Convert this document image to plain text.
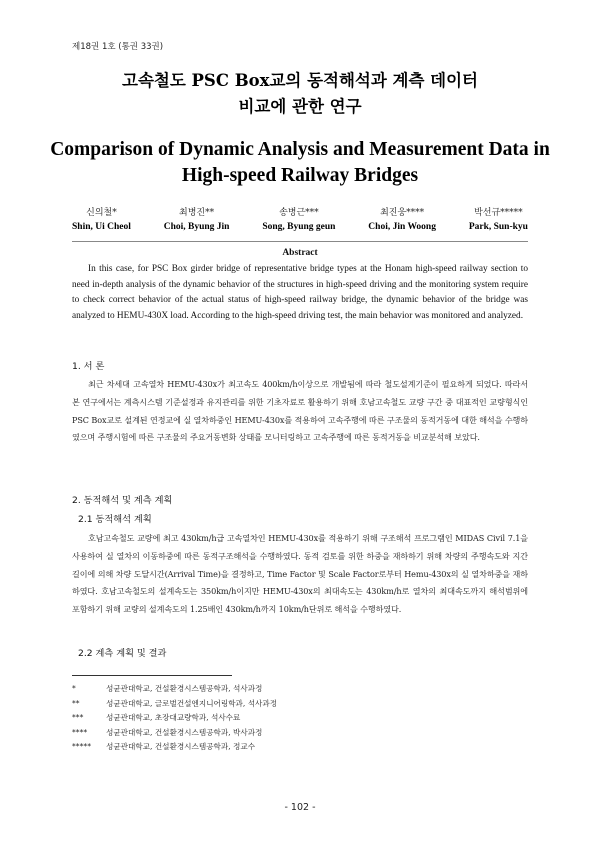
제18권 1호 (통권 33권)
고속철도 PSC Box교의 동적해석과 계측 데이터
비교에 관한 연구
Comparison of Dynamic Analysis and Measurement Data in
High-speed Railway Bridges
신의철*
Shin, Ui Cheol
최병진**
Choi, Byung Jin
송병근***
Song, Byung geun
최진웅****
Choi, Jin Woong
박선규*****
Park, Sun-kyu
Abstract
In this case, for PSC Box girder bridge of representative bridge types at the Honam high-speed railway section to need in-depth analysis of the dynamic behavior of the structures in high-speed driving and the monitoring system require to check correct behavior of the actual status of high-speed railway bridge, the dynamic behavior of the bridge was analyzed to HEMU-430X load. According to the high-speed driving test, the main behavior was monitored and analyzed.
1. 서 론
최근 차세대 고속열차 HEMU-430x가 최고속도 400km/h이상으로 개발됨에 따라 철도설계기준이 필요하게 되었다. 따라서 본 연구에서는 계측시스템 기준설정과 유지관리를 위한 기초자료로 활용하기 위해 호남고속철도 교량 구간 중 대표적인 교량형식인 PSC Box교로 설계된 연정교에 실 열차하중인 HEMU-430x를 적용하여 고속주행에 따른 구조물의 동적거동에 대한 해석을 수행하였으며 주행시험에 따른 구조물의 주요거동변화 상태를 모니터링하고 고속주행에 따른 동적거동을 비교분석해 보았다.
2. 동적해석 및 계측 계획
2.1 동적해석 계획
호남고속철도 교량에 최고 430km/h급 고속열차인 HEMU-430x를 적용하기 위해 구조해석 프로그램인 MIDAS Civil 7.1을 사용하여 실 열차의 이동하중에 따른 동적구조해석을 수행하였다. 동적 검토를 위한 하중을 재하하기 위해 차량의 주행속도와 지간 길이에 의해 차량 도달시간(Arrival Time)을 결정하고, Time Factor 및 Scale Factor로부터 Hemu-430x의 실 열차하중을 재하 하였다. 호남고속철도의 설계속도는 350km/h이지만 HEMU-430x의 최대속도는 430km/h로 열차의 최대속도까지 해석범위에 포함하기 위해 교량의 설계속도의 1.25배인 430km/h까지 10km/h단위로 해석을 수행하였다.
2.2 계측 계획 및 결과
*	성균관대학교, 건설환경시스템공학과, 석사과정
**	성균관대학교, 글로벌건설엔지니어링학과, 석사과정
***	성균관대학교, 초장대교량학과, 석사수료
****	성균관대학교, 건설환경시스템공학과, 박사과정
*****	성균관대학교, 건설환경시스템공학과, 정교수
- 102 -
